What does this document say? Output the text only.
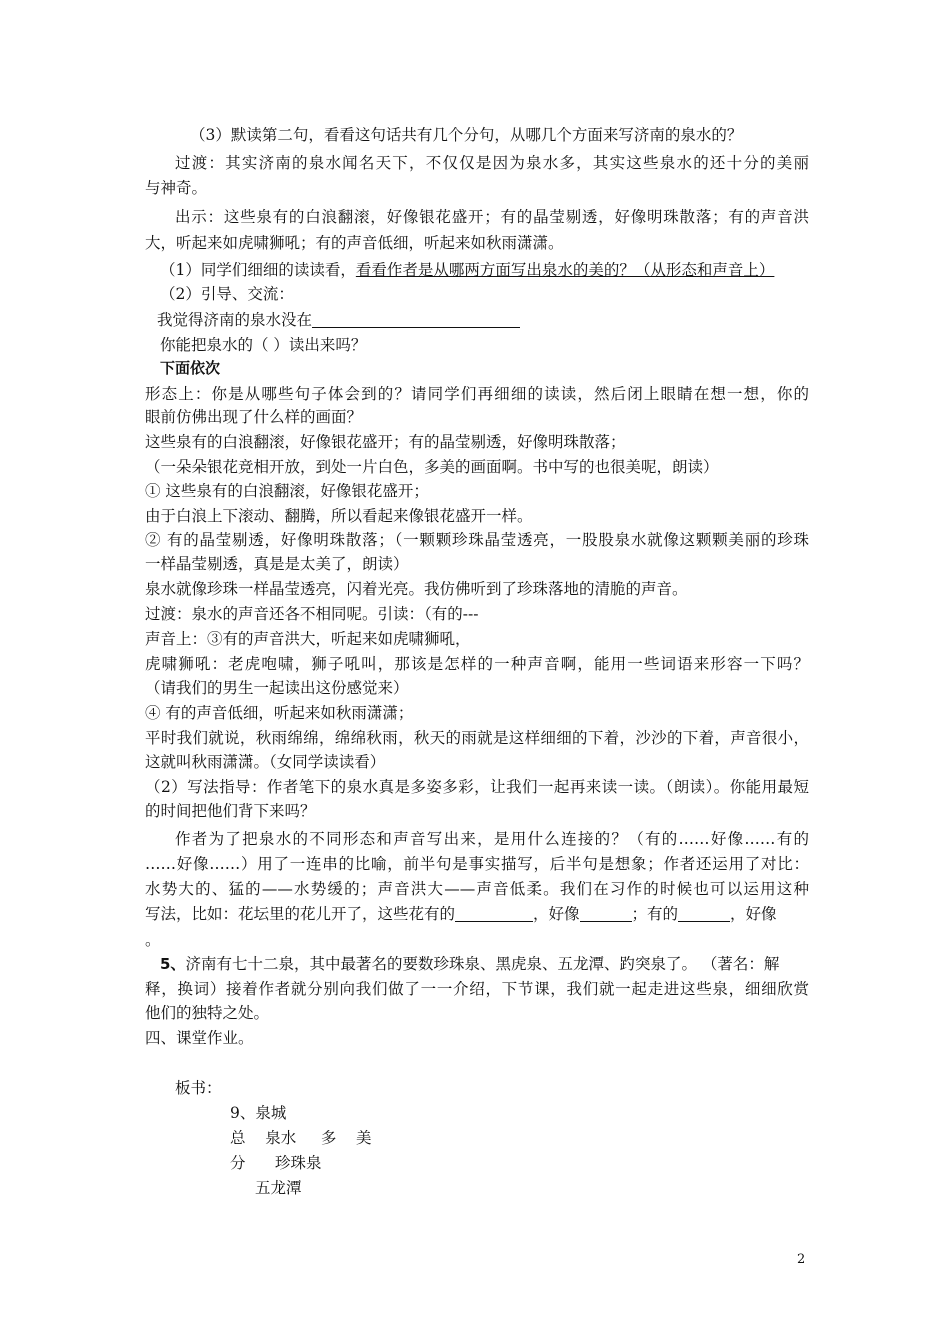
（3）默读第二句，看看这句话共有几个分句，从哪几个方面来写济南的泉水的？
过渡：其实济南的泉水闻名天下，不仅仅是因为泉水多，其实这些泉水的还十分的美丽
与神奇。
出示：这些泉有的白浪翻滚，好像银花盛开；有的晶莹剔透，好像明珠散落；有的声音洪
大，听起来如虎啸狮吼；有的声音低细，听起来如秋雨潇潇。
（1）同学们细细的读读看，看看作者是从哪两方面写出泉水的美的？（从形态和声音上）
（2）引导、交流：
我觉得济南的泉水没在
你能把泉水的（ ）读出来吗？
下面依次
形态上：你是从哪些句子体会到的？请同学们再细细的读读，然后闭上眼睛在想一想，你的
眼前仿佛出现了什么样的画面？
这些泉有的白浪翻滚，好像银花盛开；有的晶莹剔透，好像明珠散落；
（一朵朵银花竞相开放，到处一片白色，多美的画面啊。书中写的也很美呢，朗读）
① 这些泉有的白浪翻滚，好像银花盛开；
由于白浪上下滚动、翻腾，所以看起来像银花盛开一样。
② 有的晶莹剔透，好像明珠散落；（一颗颗珍珠晶莹透亮，一股股泉水就像这颗颗美丽的珍珠
一样晶莹剔透，真是是太美了，朗读）
泉水就像珍珠一样晶莹透亮，闪着光亮。我仿佛听到了珍珠落地的清脆的声音。
过渡：泉水的声音还各不相同呢。引读：（有的---
声音上：③有的声音洪大，听起来如虎啸狮吼，
虎啸狮吼：老虎咆啸，狮子吼叫，那该是怎样的一种声音啊，能用一些词语来形容一下吗？
（请我们的男生一起读出这份感觉来）
④ 有的声音低细，听起来如秋雨潇潇；
平时我们就说，秋雨绵绵，绵绵秋雨，秋天的雨就是这样细细的下着，沙沙的下着，声音很小，
这就叫秋雨潇潇。（女同学读读看）
（2）写法指导：作者笔下的泉水真是多姿多彩，让我们一起再来读一读。（朗读）。你能用最短
的时间把他们背下来吗？
作者为了把泉水的不同形态和声音写出来，是用什么连接的？（有的……好像……有的
……好像……）用了一连串的比喻，前半句是事实描写，后半句是想象；作者还运用了对比：
水势大的、猛的——水势缓的；声音洪大——声音低柔。我们在习作的时候也可以运用这种
写法，比如：花坛里的花儿开了，这些花有的	，好像	；有的	，好像
。
5、济南有七十二泉，其中最著名的要数珍珠泉、黑虎泉、五龙潭、趵突泉了。 （著名：解
释，换词）接着作者就分别向我们做了一一介绍，下节课，我们就一起走进这些泉，细细欣赏
他们的独特之处。
四、课堂作业。
板书：
9、泉城
总    泉水     多    美
分      珍珠泉
五龙潭
2
